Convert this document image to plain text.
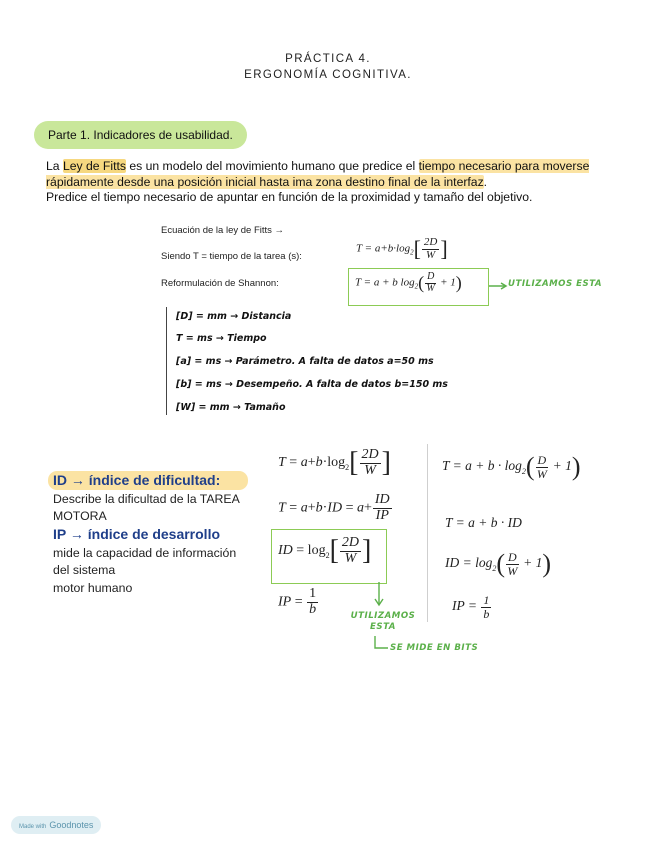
PRÁCTICA 4.
ERGONOMÍA COGNITIVA.
Parte 1. Indicadores de usabilidad.
La Ley de Fitts es un modelo del movimiento humano que predice el tiempo necesario para moverse rápidamente desde una posición inicial hasta ima zona destino final de la interfaz.
Predice el tiempo necesario de apuntar en función de la proximidad y tamaño del objetivo.
Ecuación de la ley de Fitts →
Siendo T = tiempo de la tarea (s):
Reformulación de Shannon:
$T = a+b\cdot\log_2[ \frac{2D}{W}$ ]
T = a + b $\log_2( \frac{D}{W} + 1)$	UTILIZAMOS ESTA
[D] = mm → Distancia
T = ms → Tiempo
[a] = ms → Parámetro. A falta de datos a=50 ms
[b] = ms → Desempeño. A falta de datos b=150 ms
[W] = mm → Tamaño
ID → índice de dificultad:
Describe la dificultad de la TAREA
MOTORA
IP → índice de desarrollo
mide la capacidad de información
del sistema
motor humano
$T = a+b\cdot\log_2[ \frac{2D}{W}$ ]
$T = a+b\cdot ID = a+ \frac{ID}{IP}$
ID = $\log_2[ \frac{2D}{W}$ ]
IP = $\frac{1}{b}$	UTILIZAMOS ESTA
SE MIDE EN BITS
$T = a + b \cdot \log_2( \frac{D}{W} + 1)$
T = a + b · ID
ID = $\log_2( \frac{D}{W} + 1)$
IP = $\frac{1}{b}$
Made with Goodnotes
